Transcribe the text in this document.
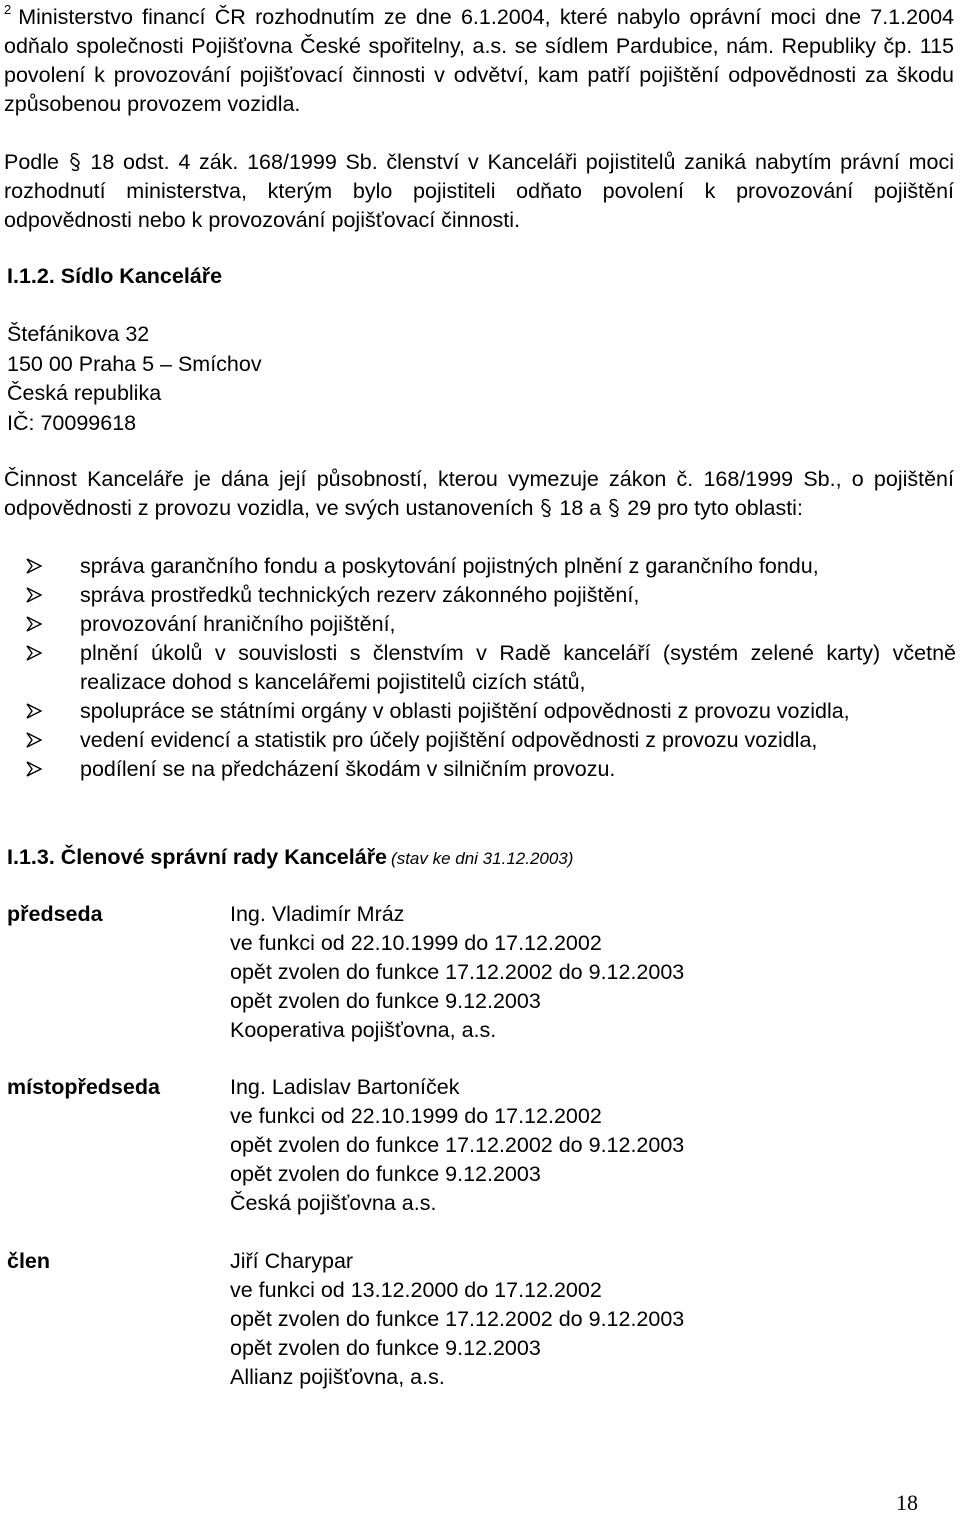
$^2$ Ministerstvo financí ČR rozhodnutím ze dne 6.1.2004, které nabylo oprávní moci dne 7.1.2004 odňalo společnosti Pojišťovna České spořitelny, a.s. se sídlem Pardubice, nám. Republiky čp. 115 povolení k provozování pojišťovací činnosti v odvětví, kam patří pojištění odpovědnosti za škodu způsobenou provozem vozidla.
Podle 18 odst. 4 zák. 168/1999 Sb. členství v Kanceláři pojistitelů zaniká nabytím právní moci rozhodnutí ministerstva, kterým bylo pojistiteli odňato povolení k provozování pojištění odpovědnosti nebo k provozování pojišťovací činnosti.
I.1.2. Sídlo Kanceláře
Štefánikova 32
150 00 Praha 5 – Smíchov
Česká republika
IČ: 70099618
Činnost Kanceláře je dána její působností, kterou vymezuje zákon č. 168/1999 Sb., o pojištění odpovědnosti z provozu vozidla, ve svých ustanoveních 18 a 29 pro tyto oblasti:
správa garančního fondu a poskytování pojistných plnění z garančního fondu,
správa prostředků technických rezerv zákonného pojištění,
provozování hraničního pojištění,
plnění úkolů v souvislosti s členstvím v Radě kanceláří (systém zelené karty) včetně realizace dohod s kancelářemi pojistitelů cizích států,
spolupráce se státními orgány v oblasti pojištění odpovědnosti z provozu vozidla,
vedení evidencí a statistik pro účely pojištění odpovědnosti z provozu vozidla,
podílení se na předcházení škodám v silničním provozu.
I.1.3. Členové správní rady Kanceláře (stav ke dni 31.12.2003)
předseda	Ing. Vladimír Mráz
ve funkci od 22.10.1999 do 17.12.2002
opět zvolen do funkce 17.12.2002 do 9.12.2003
opět zvolen do funkce 9.12.2003
Kooperativa pojišťovna, a.s.
místopředseda	Ing. Ladislav Bartoníček
ve funkci od 22.10.1999 do 17.12.2002
opět zvolen do funkce 17.12.2002 do 9.12.2003
opět zvolen do funkce 9.12.2003
Česká pojišťovna a.s.
člen	Jiří Charypar
ve funkci od 13.12.2000 do 17.12.2002
opět zvolen do funkce 17.12.2002 do 9.12.2003
opět zvolen do funkce 9.12.2003
Allianz pojišťovna, a.s.
18
